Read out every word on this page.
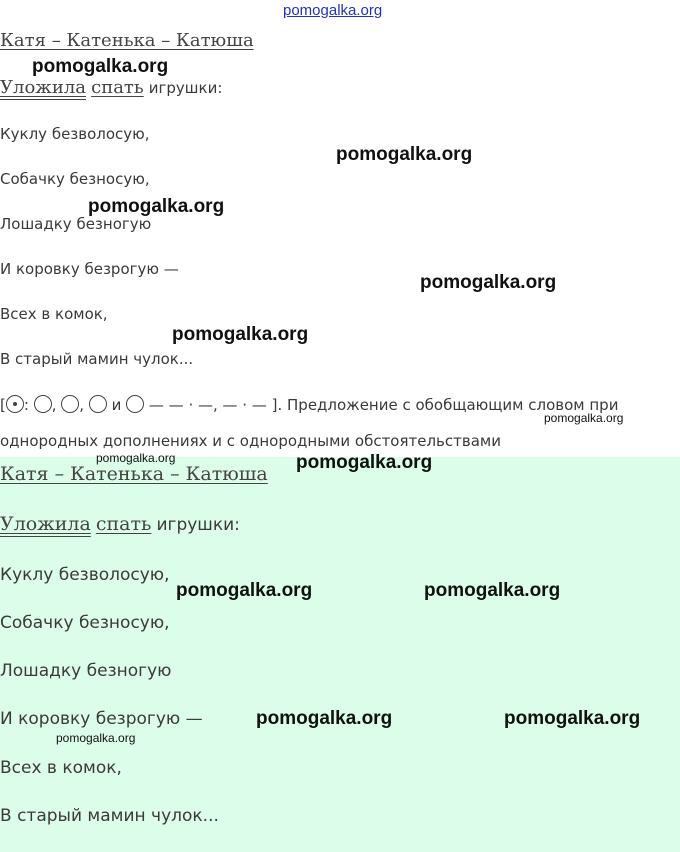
Катя – Катенька – Катюша
Уложила спать игрушки:
Куклу безволосую,
Собачку безносую,
Лошадку безногую
И коровку безрогую —
Всех в комок,
В старый мамин чулок...
[ : , , и — — · —, — · — ]. Предложение с обобщающим словом при
однородных дополнениях и с однородными обстоятельствами
Катя – Катенька – Катюша
Уложила спать игрушки:
Куклу безволосую,
Собачку безносую,
Лошадку безногую
И коровку безрогую —
Всех в комок,
В старый мамин чулок...
pomogalka.org
pomogalka.org
pomogalka.org
pomogalka.org
pomogalka.org
pomogalka.org
pomogalka.org
pomogalka.org	pomogalka.org
pomogalka.org	pomogalka.org
pomogalka.org	pomogalka.org
pomogalka.org
